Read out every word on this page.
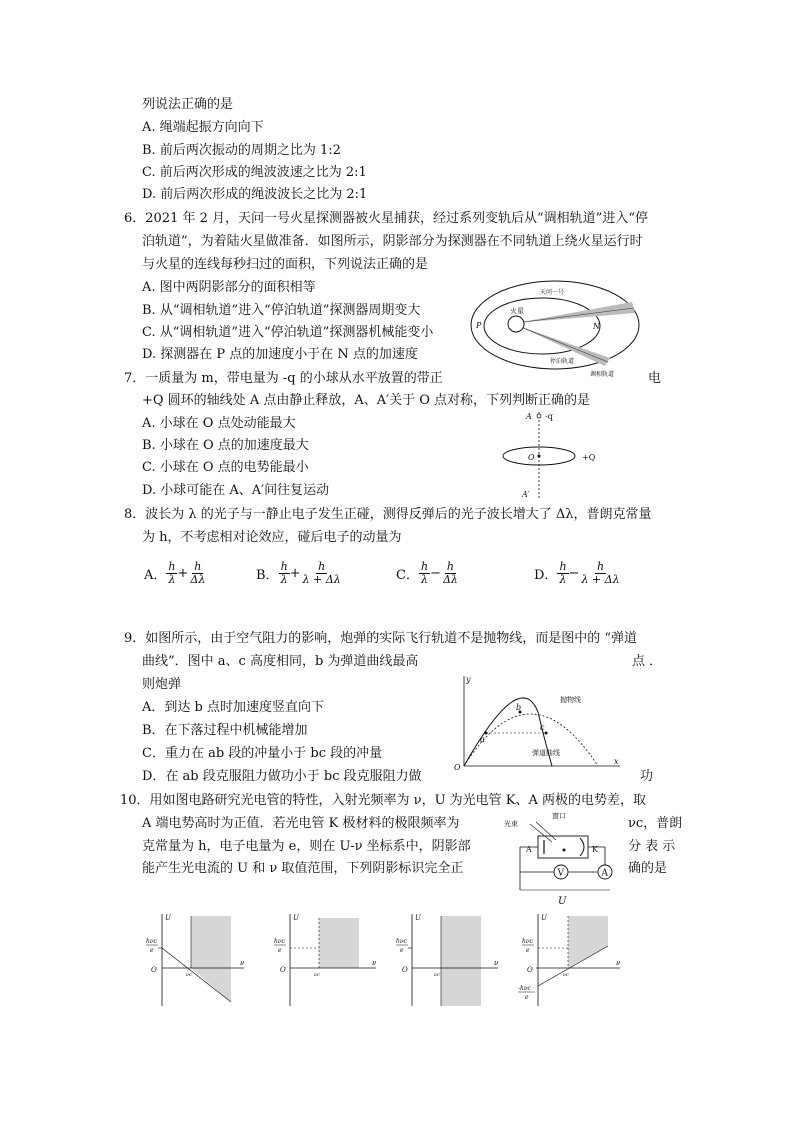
列说法正确的是
A. 绳端起振方向向下
B. 前后两次振动的周期之比为 1:2
C. 前后两次形成的绳波波速之比为 2:1
D. 前后两次形成的绳波波长之比为 2:1
6．2021 年 2 月，天问一号火星探测器被火星捕获，经过系列变轨后从“调相轨道”进入“停
泊轨道”，为着陆火星做准备．如图所示，阴影部分为探测器在不同轨道上绕火星运行时
与火星的连线每秒扫过的面积，下列说法正确的是
A. 图中两阴影部分的面积相等
B. 从“调相轨道”进入“停泊轨道”探测器周期变大
C. 从“调相轨道”进入“停泊轨道”探测器机械能变小
D. 探测器在 P 点的加速度小于在 N 点的加速度
火星
P	N
天问一号
停泊轨道
调相轨道
7．一质量为 m，带电量为 -q 的小球从水平放置的带正	电
+Q 圆环的轴线处 A 点由静止释放，A、A′关于 O 点对称，下列判断正确的是
A. 小球在 O 点处动能最大
B. 小球在 O 点的加速度最大
C. 小球在 O 点的电势能最小
D. 小球可能在 A、A′间往复运动
A -q
O	+Q
A′
8．波长为 λ 的光子与一静止电子发生正碰，测得反弹后的光子波长增大了 Δλ，普朗克常量
为 h，不考虑相对论效应，碰后电子的动量为
A． $\frac{h}{\lambda} + \frac{h}{\Delta\lambda}$	B． $\frac{h}{\lambda} + \frac{h}{\lambda + \Delta\lambda}$	C． $\frac{h}{\lambda} - \frac{h}{\Delta\lambda}$	D． $\frac{h}{\lambda} - \frac{h}{\lambda + \Delta\lambda}$
9．如图所示，由于空气阻力的影响，炮弹的实际飞行轨道不是抛物线，而是图中的 “弹道
曲线”．图中 a、c 高度相同，b 为弹道曲线最高	点 ．
则炮弹
A．到达 b 点时加速度竖直向下
B．在下落过程中机械能增加
C．重力在 ab 段的冲量小于 bc 段的冲量
D．在 ab 段克服阻力做功小于 bc 段克服阻力做	功
y
x
O
a
b
c
抛物线
弹道曲线
10．用如图电路研究光电管的特性，入射光频率为 ν，U 为光电管 K、A 两极的电势差，取
A 端电势高时为正值．若光电管 K 极材料的极限频率为	νc，普朗
克常量为 h，电子电量为 e，则在 U-ν 坐标系中，阴影部	分 表 示
能产生光电流的 U 和 ν 取值范围，下列阴影标识完全正	确的是
光束
窗口
A	K
V	A
U
U
O
ν
νc
hνc
e
U
O
ν
νc
hνc
e
U
O
ν
νc
hνc
e
U
O
ν
νc
hνc
e
-hνc
e
